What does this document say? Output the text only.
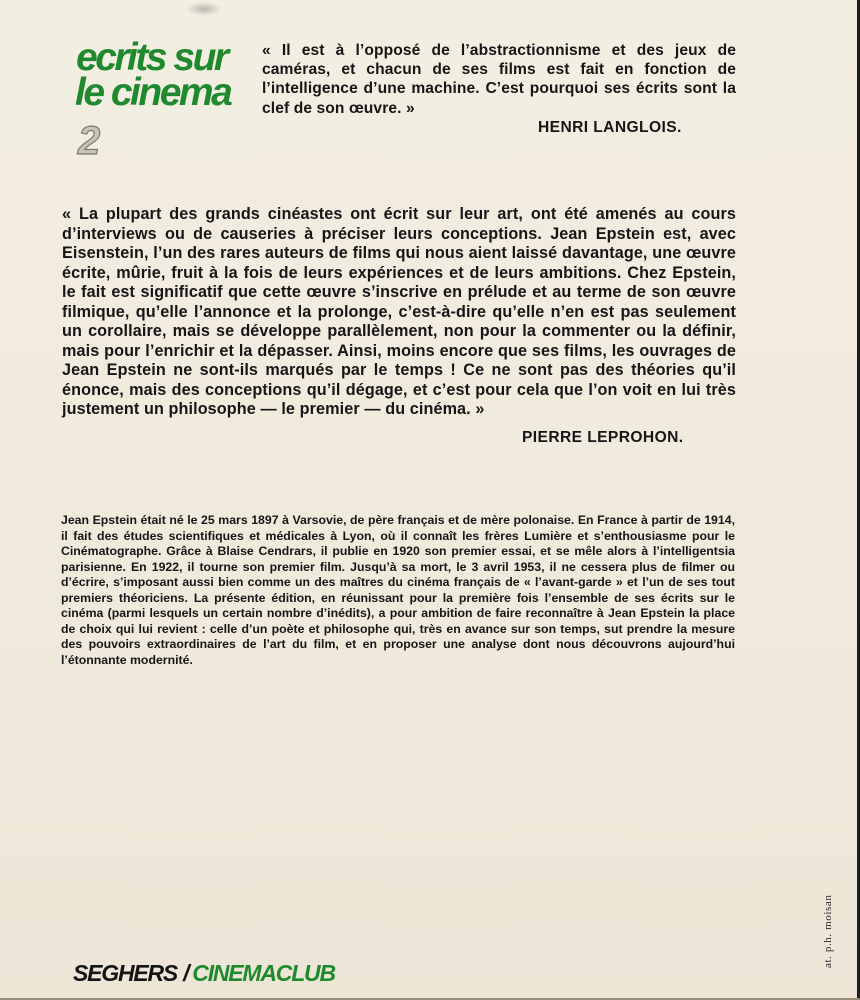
ecrits sur
le cinema
2
« Il est à l’opposé de l’abstractionnisme et des jeux de caméras, et chacun de ses films est fait en fonction de l’intelligence d’une machine. C’est pourquoi ses écrits sont la clef de son œuvre. »
HENRI LANGLOIS.
« La plupart des grands cinéastes ont écrit sur leur art, ont été amenés au cours d’interviews ou de causeries à préciser leurs conceptions. Jean Epstein est, avec Eisenstein, l’un des rares auteurs de films qui nous aient laissé davantage, une œuvre écrite, mûrie, fruit à la fois de leurs expériences et de leurs ambitions. Chez Epstein, le fait est significatif que cette œuvre s’inscrive en prélude et au terme de son œuvre filmique, qu’elle l’annonce et la prolonge, c’est-à-dire qu’elle n’en est pas seulement un corollaire, mais se développe parallèlement, non pour la commenter ou la définir, mais pour l’enrichir et la dépasser. Ainsi, moins encore que ses films, les ouvrages de Jean Epstein ne sont-ils marqués par le temps ! Ce ne sont pas des théories qu’il énonce, mais des conceptions qu’il dégage, et c’est pour cela que l’on voit en lui très justement un philosophe — le premier — du cinéma. »
PIERRE LEPROHON.
Jean Epstein était né le 25 mars 1897 à Varsovie, de père français et de mère polonaise. En France à partir de 1914, il fait des études scientifiques et médicales à Lyon, où il connaît les frères Lumière et s’enthousiasme pour le Cinématographe. Grâce à Blaise Cendrars, il publie en 1920 son premier essai, et se mêle alors à l’intelligentsia parisienne. En 1922, il tourne son premier film. Jusqu’à sa mort, le 3 avril 1953, il ne cessera plus de filmer ou d’écrire, s’imposant aussi bien comme un des maîtres du cinéma français de « l’avant-garde » et l’un de ses tout premiers théoriciens. La présente édition, en réunissant pour la première fois l’ensemble de ses écrits sur le cinéma (parmi lesquels un certain nombre d’inédits), a pour ambition de faire reconnaître à Jean Epstein la place de choix qui lui revient : celle d’un poète et philosophe qui, très en avance sur son temps, sut prendre la mesure des pouvoirs extraordinaires de l’art du film, et en proposer une analyse dont nous découvrons aujourd’hui l’étonnante modernité.
SEGHERS / CINEMACLUB
at. p.h. moisan
